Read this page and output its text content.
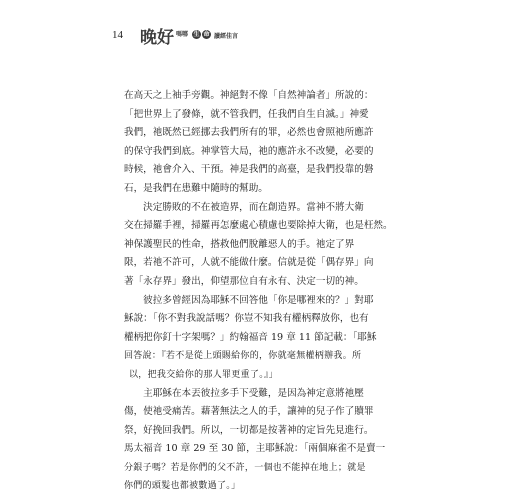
14 晚好 嗎哪 生 命 讀經佳言
在高天之上袖手旁觀。神絕對不像「自然神論者」所說的：
「把世界上了發條，就不管我們，任我們自生自滅。」神愛
我們，祂既然已經挪去我們所有的罪，必然也會照祂所應許
的保守我們到底。神掌管大局，祂的應許永不改變，必要的
時候，祂會介入、干預。神是我們的高臺，是我們投靠的磐
石，是我們在患難中隨時的幫助。
　　決定勝敗的不在被造界，而在創造界。當神不將大衛
交在掃羅手裡，掃羅再怎麼處心積慮也要除掉大衛，也是枉然。
神保護聖民的性命，搭救他們脫離惡人的手。祂定了界
限，若祂不許可，人就不能做什麼。信就是從「偶存界」向
著「永存界」發出，仰望那位自有永有、決定一切的神。
　　彼拉多曾經因為耶穌不回答他「你是哪裡來的？」對耶
穌說：「你不對我說話嗎？你豈不知我有權柄釋放你，也有
權柄把你釘十字架嗎？」約翰福音 19 章 11 節記載：「耶穌
回答說：『若不是從上頭賜給你的，你就毫無權柄辦我。所
以，把我交給你的那人罪更重了。』」
　　主耶穌在本丟彼拉多手下受難，是因為神定意將祂壓
傷，使祂受痛苦。藉著無法之人的手，讓神的兒子作了贖罪
祭，好挽回我們。所以，一切都是按著神的定旨先見進行。
馬太福音 10 章 29 至 30 節，主耶穌說：「兩個麻雀不是賣一
分銀子嗎？若是你們的父不許，一個也不能掉在地上；就是
你們的頭髮也都被數過了。」
